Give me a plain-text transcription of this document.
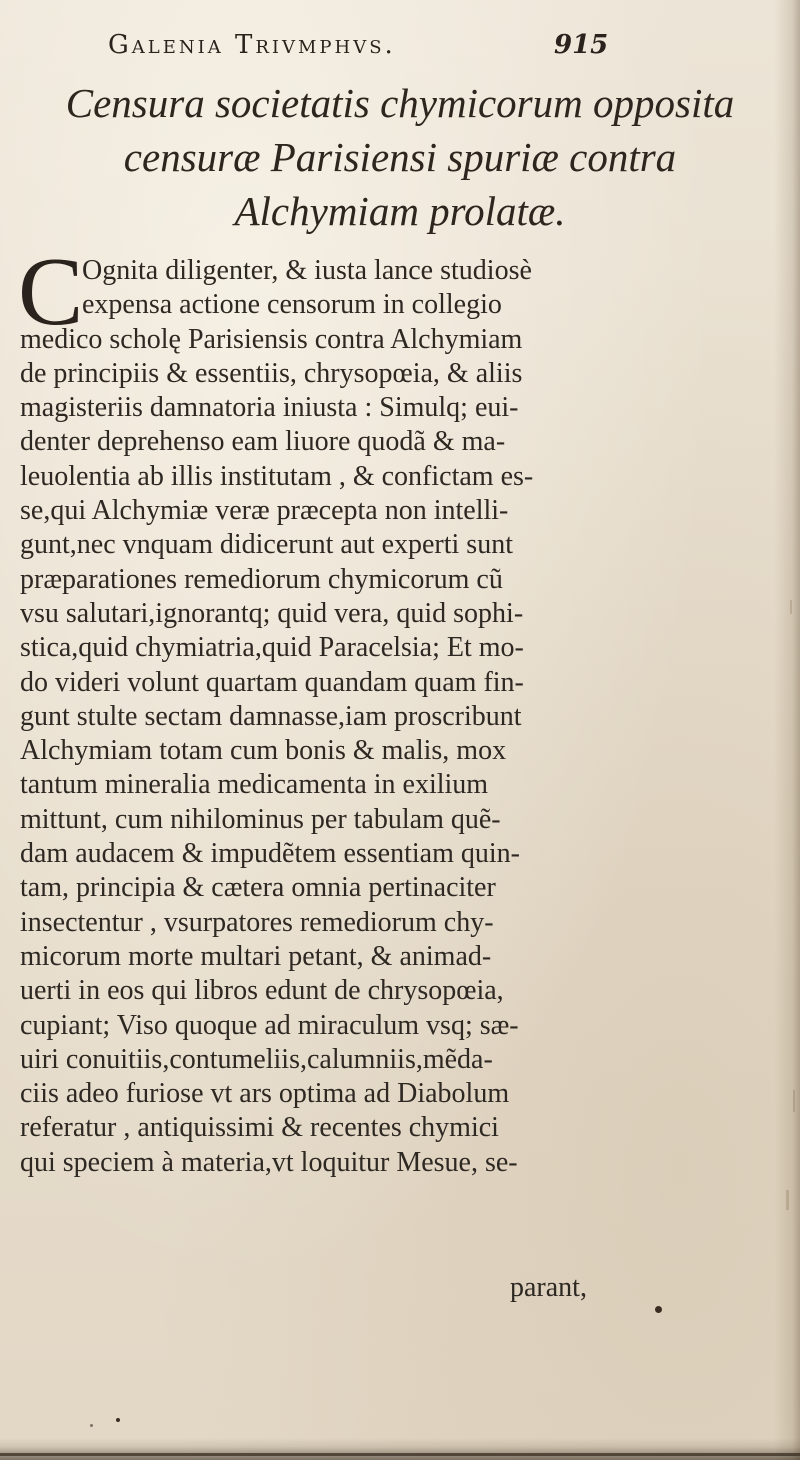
Galenia Trivmphvs.	915
Censura societatis chymicorum opposita
censuræ Parisiensi spuriæ contra
Alchymiam prolatæ.
C
Ognita diligenter, & iusta lance studiosè
expensa actione censorum in collegio
medico scholę Parisiensis contra Alchymiam
de principiis & essentiis, chrysopœia, & aliis
magisteriis damnatoria iniusta : Simulq; eui-
denter deprehenso eam liuore quodã & ma-
leuolentia ab illis institutam , & confictam es-
se,qui Alchymiæ veræ præcepta non intelli-
gunt,nec vnquam didicerunt aut experti sunt
præparationes remediorum chymicorum cũ
vsu salutari,ignorantq; quid vera, quid sophi-
stica,quid chymiatria,quid Paracelsia; Et mo-
do videri volunt quartam quandam quam fin-
gunt stulte sectam damnasse,iam proscribunt
Alchymiam totam cum bonis & malis, mox
tantum mineralia medicamenta in exilium
mittunt, cum nihilominus per tabulam quẽ-
dam audacem & impudẽtem essentiam quin-
tam, principia & cætera omnia pertinaciter
insectentur , vsurpatores remediorum chy-
micorum morte multari petant, & animad-
uerti in eos qui libros edunt de chrysopœia,
cupiant; Viso quoque ad miraculum vsq; sæ-
uiri conuitiis,contumeliis,calumniis,mẽda-
ciis adeo furiose vt ars optima ad Diabolum
referatur , antiquissimi & recentes chymici
qui speciem à materia,vt loquitur Mesue, se-
parant,
